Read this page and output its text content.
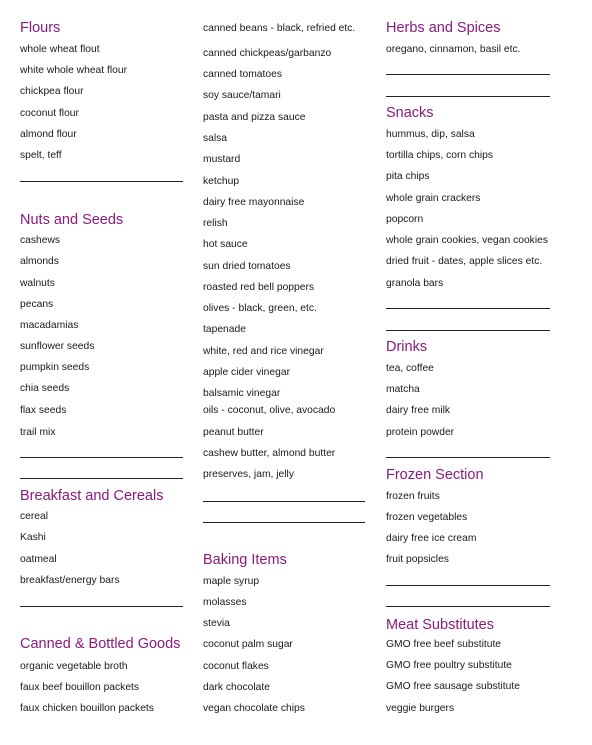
Flours
whole wheat flout
white whole wheat flour
chickpea flour
coconut flour
almond flour
spelt, teff
Nuts and Seeds
cashews
almonds
walnuts
pecans
macadamias
sunflower seeds
pumpkin seeds
chia seeds
flax seeds
trail mix
Breakfast and Cereals
cereal
Kashi
oatmeal
breakfast/energy bars
Canned & Bottled Goods
organic vegetable broth
faux beef bouillon packets
faux chicken bouillon packets
canned beans - black, refried etc.
canned chickpeas/garbanzo
canned tomatoes
soy sauce/tamari
pasta and pizza sauce
salsa
mustard
ketchup
dairy free mayonnaise
relish
hot sauce
sun dried tomatoes
roasted red bell poppers
olives - black, green, etc.
tapenade
white, red and rice vinegar
apple cider vinegar
balsamic vinegar
oils - coconut, olive, avocado
peanut butter
cashew butter, almond butter
preserves, jam, jelly
Baking Items
maple syrup
molasses
stevia
coconut palm sugar
coconut flakes
dark chocolate
vegan chocolate chips
Herbs and Spices
oregano, cinnamon, basil etc.
Snacks
hummus, dip, salsa
tortilla chips, corn chips
pita chips
whole grain crackers
popcorn
whole grain cookies, vegan cookies
dried fruit - dates, apple slices etc.
granola bars
Drinks
tea, coffee
matcha
dairy free milk
protein powder
Frozen Section
frozen fruits
frozen vegetables
dairy free ice cream
fruit popsicles
Meat Substitutes
GMO free beef substitute
GMO free poultry substitute
GMO free sausage substitute
veggie burgers
